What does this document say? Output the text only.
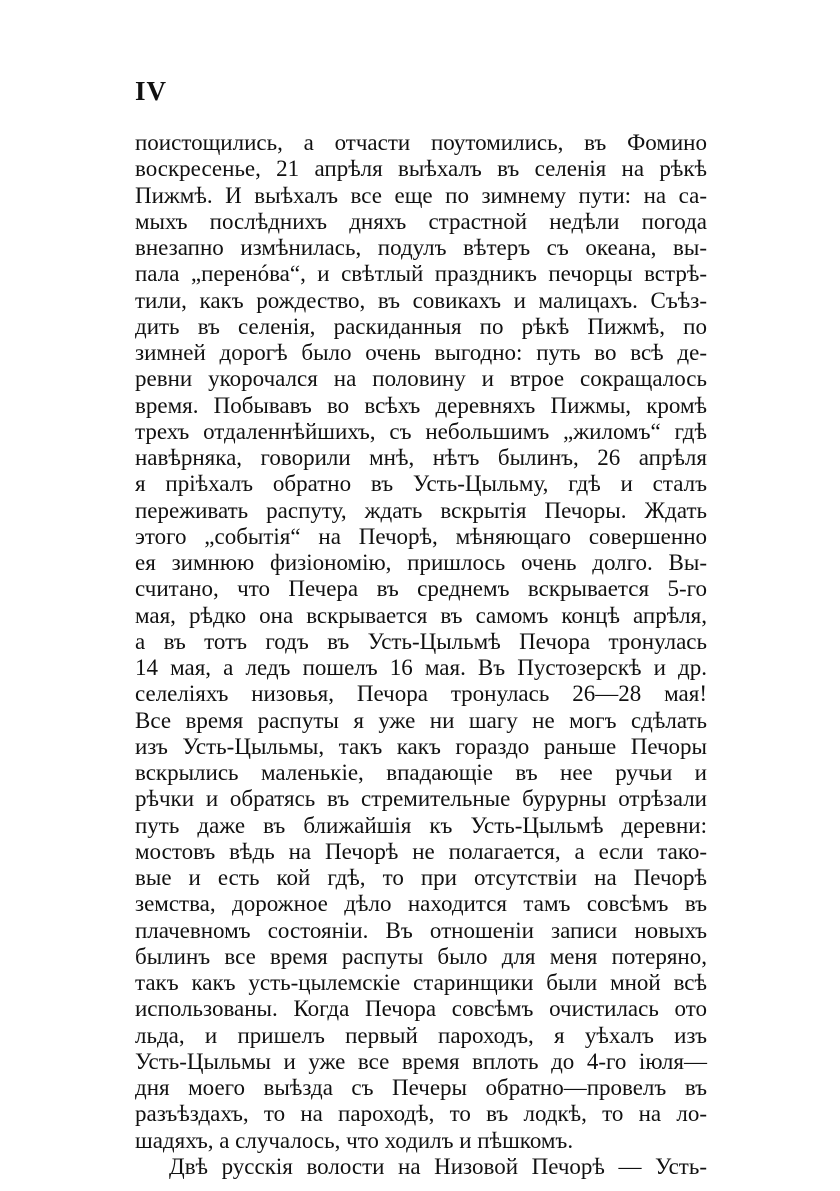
IV
поистощились, а отчасти поутомились, въ Фомино
воскресенье, 21 апрѣля выѣхалъ въ селенія на рѣкѣ
Пижмѣ. И выѣхалъ все еще по зимнему пути: на са-
мыхъ послѣднихъ дняхъ страстной недѣли погода
внезапно измѣнилась, подулъ вѣтеръ съ океана, вы-
пала „перенóва“, и свѣтлый праздникъ печорцы встрѣ-
тили, какъ рождество, въ совикахъ и малицахъ. Съѣз-
дить въ селенія, раскиданныя по рѣкѣ Пижмѣ, по
зимней дорогѣ было очень выгодно: путь во всѣ де-
ревни укорочался на половину и втрое сокращалось
время. Побывавъ во всѣхъ деревняхъ Пижмы, кромѣ
трехъ отдаленнѣйшихъ, съ небольшимъ „жиломъ“ гдѣ
навѣрняка, говорили мнѣ, нѣтъ былинъ, 26 апрѣля
я пріѣхалъ обратно въ Усть-Цыльму, гдѣ и сталъ
переживать распуту, ждать вскрытія Печоры. Ждать
этого „событія“ на Печорѣ, мѣняющаго совершенно
ея зимнюю физіономію, пришлось очень долго. Вы-
считано, что Печера въ среднемъ вскрывается 5-го
мая, рѣдко она вскрывается въ самомъ концѣ апрѣля,
а въ тотъ годъ въ Усть-Цыльмѣ Печора тронулась
14 мая, а ледъ пошелъ 16 мая. Въ Пустозерскѣ и др.
селеліяхъ низовья, Печора тронулась 26—28 мая!
Все время распуты я уже ни шагу не могъ сдѣлать
изъ Усть-Цыльмы, такъ какъ гораздо раньше Печоры
вскрылись маленькіе, впадающіе въ нее ручьи и
рѣчки и обратясь въ стремительные бурурны отрѣзали
путь даже въ ближайшія къ Усть-Цыльмѣ деревни:
мостовъ вѣдь на Печорѣ не полагается, а если тако-
вые и есть кой гдѣ, то при отсутствіи на Печорѣ
земства, дорожное дѣло находится тамъ совсѣмъ въ
плачевномъ состояніи. Въ отношеніи записи новыхъ
былинъ все время распуты было для меня потеряно,
такъ какъ усть-цылемскіе старинщики были мной всѣ
использованы. Когда Печора совсѣмъ очистилась ото
льда, и пришелъ первый пароходъ, я уѣхалъ изъ
Усть-Цыльмы и уже все время вплоть до 4-го іюля—
дня моего выѣзда съ Печеры обратно—провелъ въ
разъѣздахъ, то на пароходѣ, то въ лодкѣ, то на ло-
шадяхъ, а случалось, что ходилъ и пѣшкомъ.
Двѣ русскія волости на Низовой Печорѣ — Усть-
